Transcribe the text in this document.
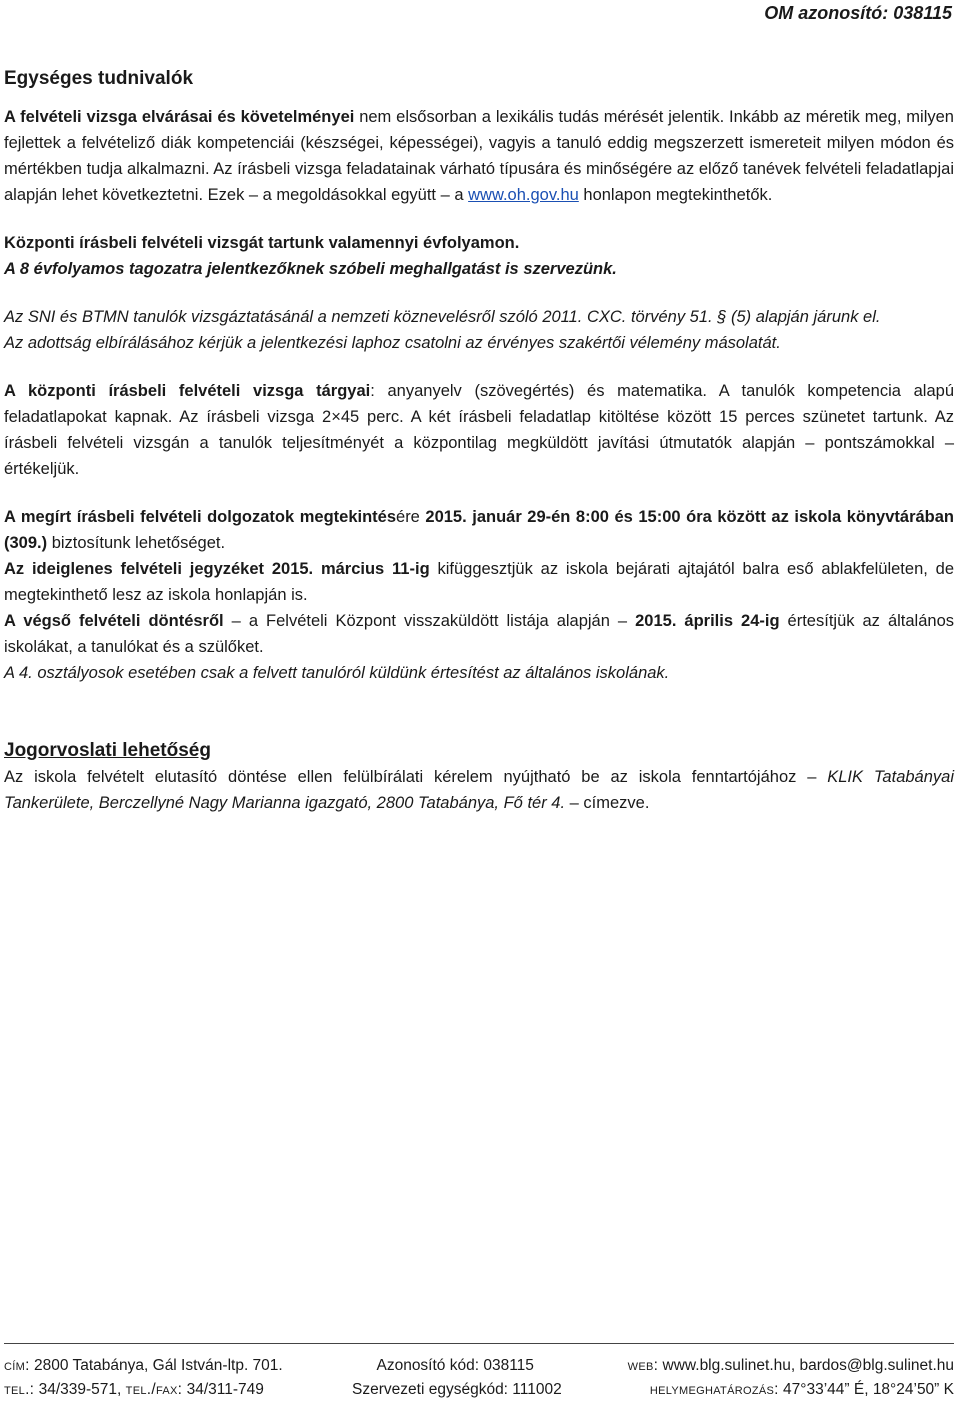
OM azonosító: 038115
Egységes tudnivalók

A felvételi vizsga elvárásai és követelményei nem elsősorban a lexikális tudás mérését jelentik. Inkább az méretik meg, milyen fejlettek a felvételiző diák kompetenciái (készségei, képességei), vagyis a tanuló eddig megszerzett ismereteit milyen módon és mértékben tudja alkalmazni. Az írásbeli vizsga feladatainak várható típusára és minőségére az előző tanévek felvételi feladatlapjai alapján lehet következtetni. Ezek – a megoldásokkal együtt – a www.oh.gov.hu honlapon megtekinthetők.

Központi írásbeli felvételi vizsgát tartunk valamennyi évfolyamon.

A 8 évfolyamos tagozatra jelentkezőknek szóbeli meghallgatást is szervezünk.

Az SNI és BTMN tanulók vizsgáztatásánál a nemzeti köznevelésről szóló 2011. CXC. törvény 51. § (5) alapján járunk el.

Az adottság elbírálásához kérjük a jelentkezési laphoz csatolni az érvényes szakértői vélemény másolatát.

A központi írásbeli felvételi vizsga tárgyai: anyanyelv (szövegértés) és matematika. A tanulók kompetencia alapú feladatlapokat kapnak. Az írásbeli vizsga 2×45 perc. A két írásbeli feladatlap kitöltése között 15 perces szünetet tartunk. Az írásbeli felvételi vizsgán a tanulók teljesítményét a központilag megküldött javítási útmutatók alapján – pontszámokkal – értékeljük.

A megírt írásbeli felvételi dolgozatok megtekintésére 2015. január 29-én 8:00 és 15:00 óra között az iskola könyvtárában (309.) biztosítunk lehetőséget.

Az ideiglenes felvételi jegyzéket 2015. március 11-ig kifüggesztjük az iskola bejárati ajtajától balra eső ablakfelületen, de megtekinthető lesz az iskola honlapján is.

A végső felvételi döntésről – a Felvételi Központ visszaküldött listája alapján – 2015. április 24-ig értesítjük az általános iskolákat, a tanulókat és a szülőket.

A 4. osztályosok esetében csak a felvett tanulóról küldünk értesítést az általános iskolának.

Jogorvoslati lehetőség

Az iskola felvételt elutasító döntése ellen felülbírálati kérelem nyújtható be az iskola fenntartójához – KLIK Tatabányai Tankerülete, Berczellyné Nagy Marianna igazgató, 2800 Tatabánya, Fő tér 4. – címezve.

cím: 2800 Tatabánya, Gál István-ltp. 701.	Azonosító kód: 038115	web: www.blg.sulinet.hu, bardos@blg.sulinet.hu
tel.: 34/339-571, tel./fax: 34/311-749	Szervezeti egységkód: 111002	helymeghatározás: 47°33’44” É, 18°24’50” K
